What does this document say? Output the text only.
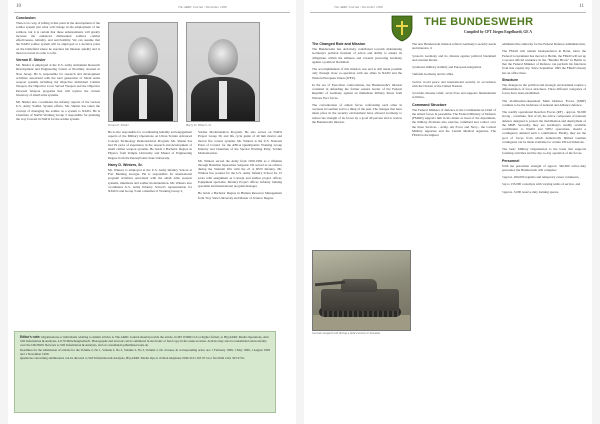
10	The ARRC Journal / December 1998
Conclusion

There is no way of telling at this point in the development of the soldier system just what will change in the employment of the soldiers, but it is certain that these enhancements will greatly increase the enhanced dismounted soldiers combat effectiveness, lethality, and survivability. We can assume that the NATO soldier system will be employed at a decisive point on the battlefield where he executes his mission quickly and is then recovered in order to refit.

Vernon E. Shisler

Mr. Shisler is employed at the U.S. Army Armament Research Development and Engineering Centre at Picatinny Arsenal in New Jersey. He is responsible for research and development activities associated with the next generation of Small Arms weapon systems including the Objective Individual Combat Weapon, the Objective Crew Served Weapon and the Objective Personal Weapon programs that will replace the current inventory of small arms systems.

Mr. Shisler also coordinates the infantry aspects of the various U.S. Army Soldier System efforts. Mr. Shisler has taken the concept of managing the soldier as a system to NATO. He is Chairman of NATO Working Group 3 responsible for planning the way forward in NATO for the soldier system.

Vernon E. Shisler	Harry D. Winters, Sr.

He is also responsible for coordinating lethality and engagement aspects of the Military Operations on Urban Terrain Advanced Concept Technology Demonstration Program. Mr. Shisler has had 29 years of experience in the research and development of small caliber weapon systems. He holds a Bachelor Degree in Physics from Temple University and Master of Engineering Degree from the Pennsylvania State University.

Harry D. Winters, Sr.

Mr. Winters is employed at the U.S. Army Infantry School at Fort Benning Georgia. He is responsible for international program activities associated with the small arms weapon systems, munitions and soldier modernization. Mr. Winters also coordinates U.S. Army Infantry School's representation for NATO Land Group 3 and a member of Working Group 3,

Soldier Modernization Program. He also serves on NATO Project Group 30, and life cycle guide of 40 mm mortar and mortar fire control systems. Mr. Winters is the U.S. National Point of Contact for the ABCA Quadripartite Working Group Infantry and Chairman of the Special Working Party, Soldier Modernisation.

Mr. Winters served the Army from 1959-1982 as a rifleman through Battalion Operations Sergeant. He served as an advisor during the Vietnam War with the 21 st RVN Infantry. Mr. Winters has worked for the U.S. Army Infantry School for 15 years with assignment as Concept and studies project officer, Equipment specialist, Infantry Project officer, Infantry training specialist and International program manager.

He holds a Bachelor Degree in Human Resource Management from Troy State University and Master of Science Degree.

Editor's note: Organisations or individuals wishing to submit articles to The ARRC Journal should provide the article, in MS WORD 2.0 or higher format, to HQ ARRC Media Operations, Attn SOI Information & Analysis, 41179 Mönchengladbach. Photographs and artwork can be submitted in electronic or hard copy in the same location. Articles may also be transmitted electronically over the CRONOS Network to SOI Information & Analysis, and on cronolink.hq.dharbinsetwork.de.

Deadlines for the submission of articles for the Volume 2, No 1, Volume 2, No 2, Volume 2, No 3, Volume 2, No 4 issues, in corresponding order, are: 1 February 1999, 1 May 1999, 1 August 1999 and 1 November 1999.

Questions concerning submissions can be directed to SOI Information & Analysis, HQ ARRC Media Ops at civilian telephone 0049 2161 565 9714 or fax 0049 2161 565 9716.

The ARRC Journal / December 1998	11
THE BUNDESWEHR
Compiled by CPT Jürgen Engelhardt, GE A
The Changed Role and Mission

The Bundeswehr has decisively contributed towards maintaining Germany's political freedom of action and ability to ensure its obligations within the Alliance and towards protecting Germany against a political blackmail.

The accomplishment of this mission was and is still made possible only through close co-operation with our allies in NATO and the Western European Union (WEU).

In the era of East-West confrontation, the Bundeswehr's mission consisted in defending the former eastern border of the Federal Republic of Germany against an immediate military threat from Warsaw Pact forces.

The concentration of armed forces confronting each other in overseas in German soil is a thing of the past. The changes that have taken place in the security environment have allowed Germany to reduce the strength of its forces by a good 40 percent and to review the Bundeswehr mission.

German Leopard 2A5 during a field exercise in Slovakia

The new Bundeswehr mission reflects Germany's security needs and interests, it

•protects Germany and its citizens against political blackmail and external threats

•promotes military stability and European integration

•defends Germany and its allies

•serves world peace and international security in accordance with the Charter of the United Nations

•provides disaster relief, saves lives and supports humanitarian activities.

Command Structure

The Federal Minister of Defence is the Commander-in-Chief of the armed forces in peacetime. The Federal Ministry of Defence (FMOD) supports him in his duties as head of the department, the military divisions also exercise command and control over the three Services - Army, Air Force and Navy-, the Central Military Agencies and the Central Medical Agencies. The FMoD is the highest

administrative authority for the Federal Defence Administration.

The FMoD will remain headquartered in Bonn. Once the Federal Government has moved to Berlin, the FMoD will set up a second official residence in the "Bendler Block" in Berlin so that the Federal Minister of Defence can perform his functions from that capital city. Since September 1995 the FMoD already has an office there.

Structure

The changes in the political and strategic environment require a differentiation of force structures. Three different categories of forces have been established.

The mobilisation-dependent Main Defence Forces (MDF) continue to be the backbone of national and Alliance defence.

The readily operational Reaction Forces (RF) - approx. 50,000 strong - constitute, first of all, the active component of national defence designed to protect the mobilisation and deployment of the MDF. Secondly, they are Germany's readily available contribution to NATO and WEU operations, should a contingency demand such a contribution. Finally, they are the pool of forces from which numerically limited German contingents can be made available for certain UN-led missions.

The basic Military Organisation is the basis that supports fostering activities and the day-to-day operation of the forces.

Personnel

With the peacetime strength of approx. 340,000 active-duty personnel, the Bundeswehr will comprise:

•approx. 200,000 regulars and temporary career volunteers,

•up to 135,000 conscripts with varying terms of service, and

•approx. 5,000 reserve duty training spaces.
